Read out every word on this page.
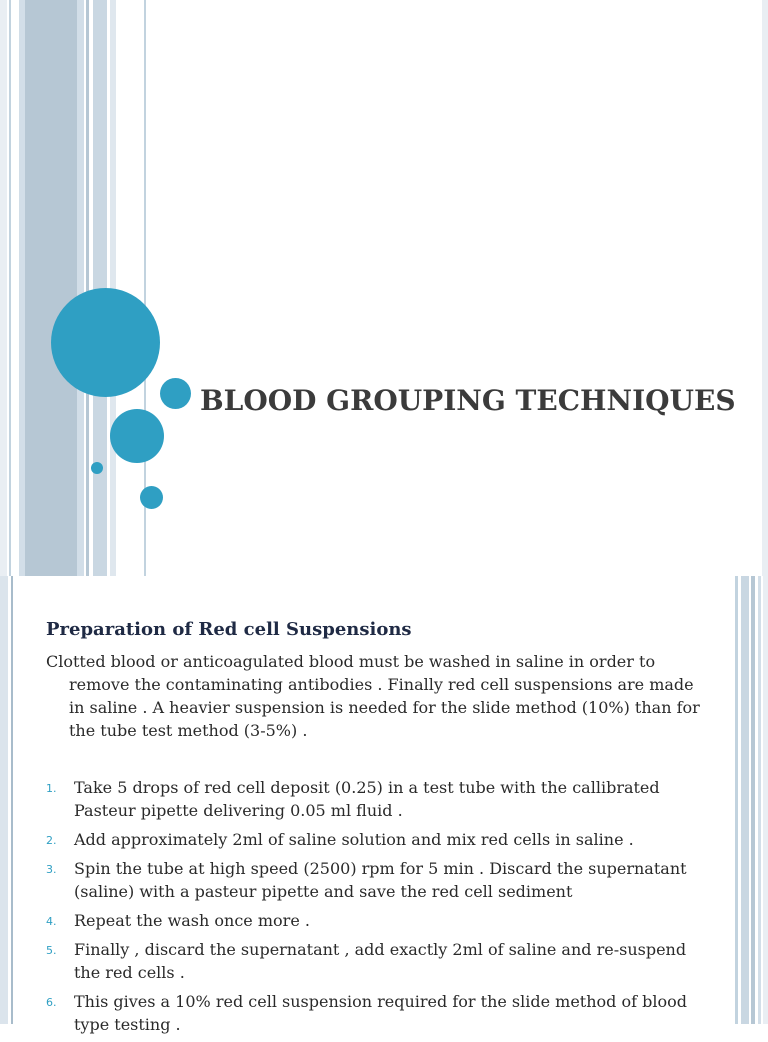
BLOOD GROUPING TECHNIQUES
Preparation of Red cell Suspensions
Clotted blood or anticoagulated blood must be washed in saline in order to remove the contaminating antibodies . Finally red cell suspensions are made in saline . A heavier suspension is needed for the slide method (10%) than for the tube test method (3-5%) .
1. Take 5 drops of red cell deposit (0.25) in a test tube with the callibrated Pasteur pipette delivering 0.05 ml fluid .
2. Add approximately 2ml of saline solution and mix red cells in saline .
3. Spin the tube at high speed (2500) rpm for 5 min . Discard the supernatant (saline) with a pasteur pipette and save the red cell sediment
4. Repeat the wash once more .
5. Finally , discard the supernatant , add exactly 2ml of saline and re-suspend the red cells .
6. This gives a 10% red cell suspension required for the slide method of blood type testing .
